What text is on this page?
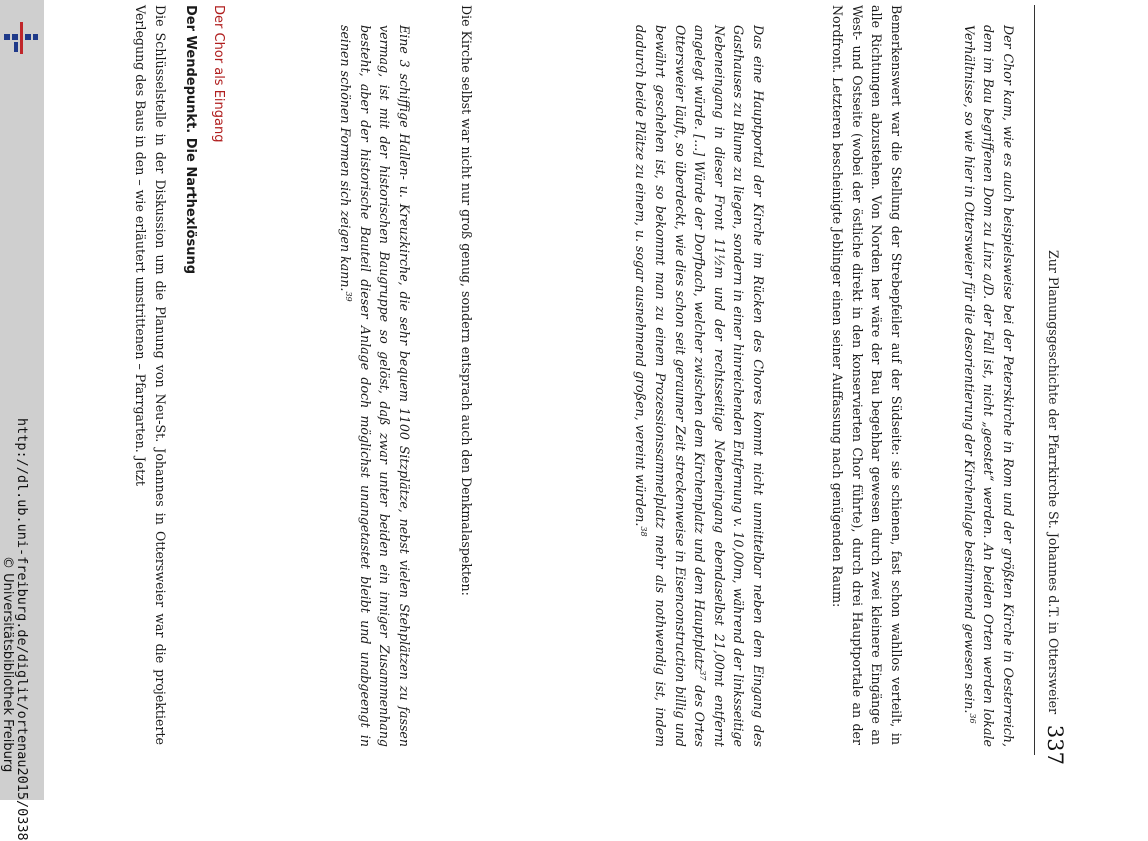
Zur Planungsgeschichte der Pfarrkirche St. Johannes d.T. in Ottersweier
337

Der Chor kam, wie es auch beispielsweise bei der Peterskirche in Rom und der größten Kirche in Oesterreich, dem im Bau begriffenen Dom zu Linz a/D. der Fall ist, nicht „geostet“ werden. An beiden Orten werden lokale Verhältnisse, so wie hier in Ottersweier für die desorientierung der Kirchenlage bestimmend gewesen sein.$^{36}$

Bemerkenswert war die Stellung der Strebepfeiler auf der Südseite: sie schienen, fast schon wahllos verteilt, in alle Richtungen abzustehen. Von Norden her wäre der Bau begehbar gewesen durch zwei kleinere Eingänge an West- und Ostseite (wobei der östliche direkt in den konservierten Chor führte), durch drei Hauptportale an der Nordfront. Letzteren bescheinigte Jeblinger einen seiner Auffassung nach genügenden Raum:

Das eine Hauptportal der Kirche im Rücken des Chores kommt nicht unmittelbar neben dem Eingang des Gasthauses zu Blume zu liegen, sondern in einer hinreichenden Entfernung v. 10,00m, während der linksseitige Nebeneingang in dieser Front 11½m und der rechtsseitige Nebeneingang ebendaselbst 21,00mt entfernt angelegt würde. [...] Würde der Dorfbach, welcher zwischen dem Kirchenplatz und dem Hauptplatz$^{37}$ des Ortes Ottersweier läuft, so überdeckt, wie dies schon seit geraumer Zeit streckenweise in Eisenconstruction billig und bewährt geschehen ist, so bekommt man zu einem Prozessionssammelplatz mehr als nothwendig ist, indem dadurch beide Plätze zu einem, u. sogar ausnehmend großen, vereint würden.$^{38}$

Die Kirche selbst war nicht nur groß genug, sondern entsprach auch den Denkmalaspekten:

Eine 3 schiffige Hallen- u. Kreuzkirche, die sehr bequem 1100 Sitzplätze, nebst vielen Stehplätzen zu fassen vermag, ist mit der historischen Baugruppe so gelöst, daß zwar unter beiden ein inniger Zusammenhang besteht, aber der historische Bauteil dieser Anlage doch möglichst unangetastet bleibt und unabgeengt in seinen schönen Formen sich zeigen kann.$^{39}$

Der Chor als Eingang
Der Wendepunkt. Die Narthexlösung

Die Schlüsselstelle in der Diskussion um die Planung von Neu-St. Johannes in Ottersweier war die projektierte Verlegung des Baus in den – wie erläutert umstrittenen – Pfarrgarten. Jetzt

http://dl.ub.uni-freiburg.de/diglit/ortenau2015/0338
© Universitätsbibliothek Freiburg
